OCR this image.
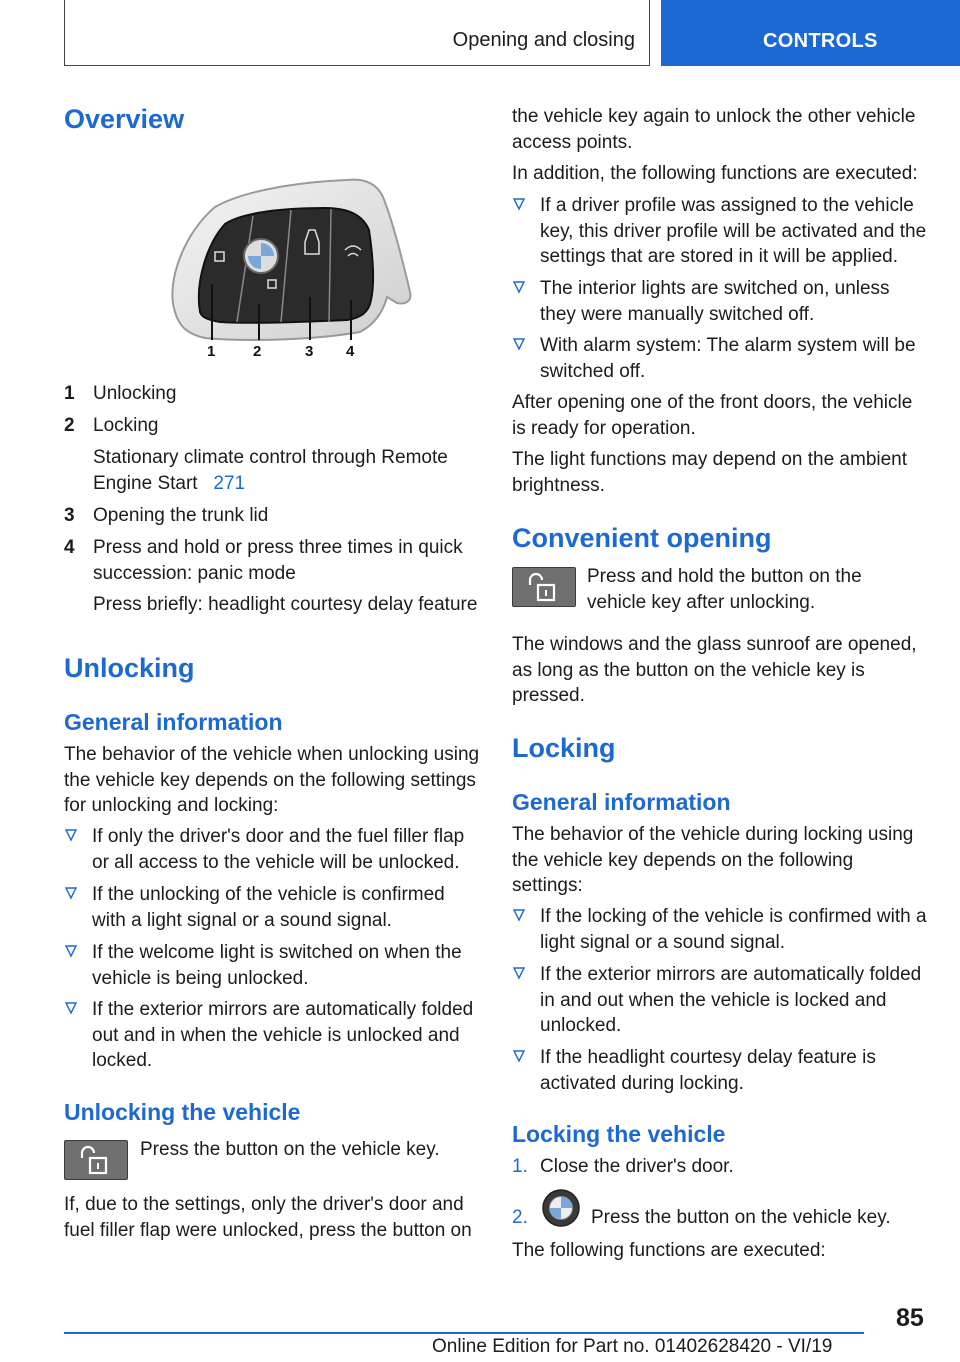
Opening and closing	CONTROLS
Overview
1	2	3 4
1 Unlocking
2 Locking
Stationary climate control through Remote Engine Start 271
3 Opening the trunk lid
4 Press and hold or press three times in quick succession: panic mode
Press briefly: headlight courtesy delay feature
Unlocking
General information
The behavior of the vehicle when unlocking using the vehicle key depends on the following settings for unlocking and locking:
If only the driver's door and the fuel filler flap or all access to the vehicle will be unlocked.
If the unlocking of the vehicle is confirmed with a light signal or a sound signal.
If the welcome light is switched on when the vehicle is being unlocked.
If the exterior mirrors are automatically folded out and in when the vehicle is unlocked and locked.
Unlocking the vehicle
Press the button on the vehicle key.
If, due to the settings, only the driver's door and fuel filler flap were unlocked, press the button on
the vehicle key again to unlock the other vehicle access points.
In addition, the following functions are executed:
If a driver profile was assigned to the vehicle key, this driver profile will be activated and the settings that are stored in it will be applied.
The interior lights are switched on, unless they were manually switched off.
With alarm system: The alarm system will be switched off.
After opening one of the front doors, the vehicle is ready for operation.
The light functions may depend on the ambient brightness.
Convenient opening
Press and hold the button on the vehicle key after unlocking.
The windows and the glass sunroof are opened, as long as the button on the vehicle key is pressed.
Locking
General information
The behavior of the vehicle during locking using the vehicle key depends on the following settings:
If the locking of the vehicle is confirmed with a light signal or a sound signal.
If the exterior mirrors are automatically folded in and out when the vehicle is locked and unlocked.
If the headlight courtesy delay feature is activated during locking.
Locking the vehicle
1. Close the driver's door.
2.	Press the button on the vehicle key.
The following functions are executed:
85
Online Edition for Part no. 01402628420 - VI/19
